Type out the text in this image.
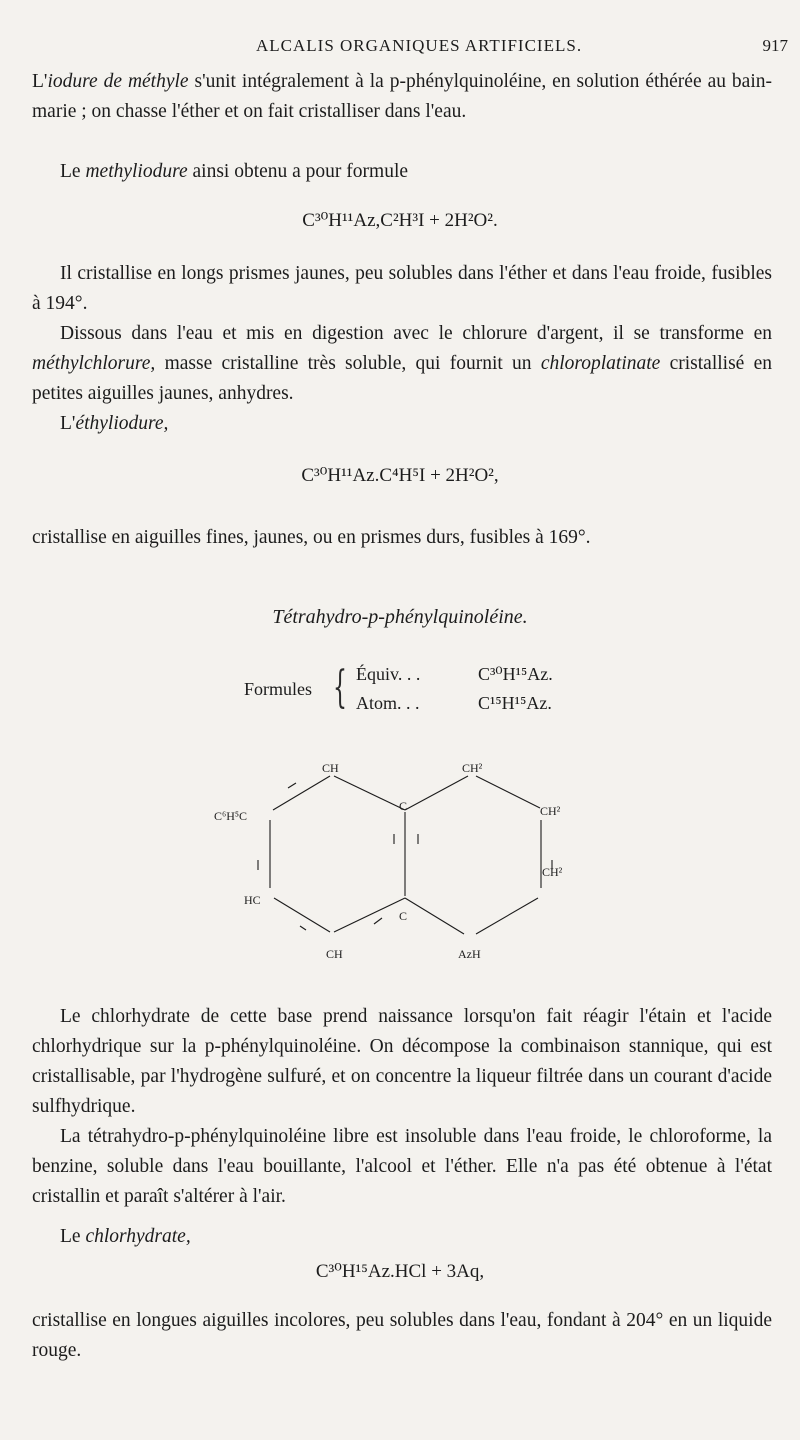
ALCALIS ORGANIQUES ARTIFICIELS.	917

L'iodure de méthyle s'unit intégralement à la p-phénylquinoléine, en solution éthérée au bain-marie ; on chasse l'éther et on fait cristalliser dans l'eau.

Le methyliodure ainsi obtenu a pour formule

C³⁰H¹¹Az,C²H³I + 2H²O².

Il cristallise en longs prismes jaunes, peu solubles dans l'éther et dans l'eau froide, fusibles à 194°.

Dissous dans l'eau et mis en digestion avec le chlorure d'argent, il se transforme en méthylchlorure, masse cristalline très soluble, qui fournit un chloroplatinate cristallisé en petites aiguilles jaunes, anhydres.

L'éthyliodure,

C³⁰H¹¹Az.C⁴H⁵I + 2H²O²,

cristallise en aiguilles fines, jaunes, ou en prismes durs, fusibles à 169°.

Tétrahydro-p-phénylquinoléine.
Formules { Équiv. . .	C³⁰H¹⁵Az.
Atom. . .	C¹⁵H¹⁵Az.
CH	CH²
C⁶H⁵C
C	CH²
HC
CH²
C
CH	AzH

Le chlorhydrate de cette base prend naissance lorsqu'on fait réagir l'étain et l'acide chlorhydrique sur la p-phénylquinoléine. On décompose la combinaison stannique, qui est cristallisable, par l'hydrogène sulfuré, et on concentre la liqueur filtrée dans un courant d'acide sulfhydrique.

La tétrahydro-p-phénylquinoléine libre est insoluble dans l'eau froide, le chloroforme, la benzine, soluble dans l'eau bouillante, l'alcool et l'éther. Elle n'a pas été obtenue à l'état cristallin et paraît s'altérer à l'air.

Le chlorhydrate,

C³⁰H¹⁵Az.HCl + 3Aq,

cristallise en longues aiguilles incolores, peu solubles dans l'eau, fondant à 204° en un liquide rouge.
